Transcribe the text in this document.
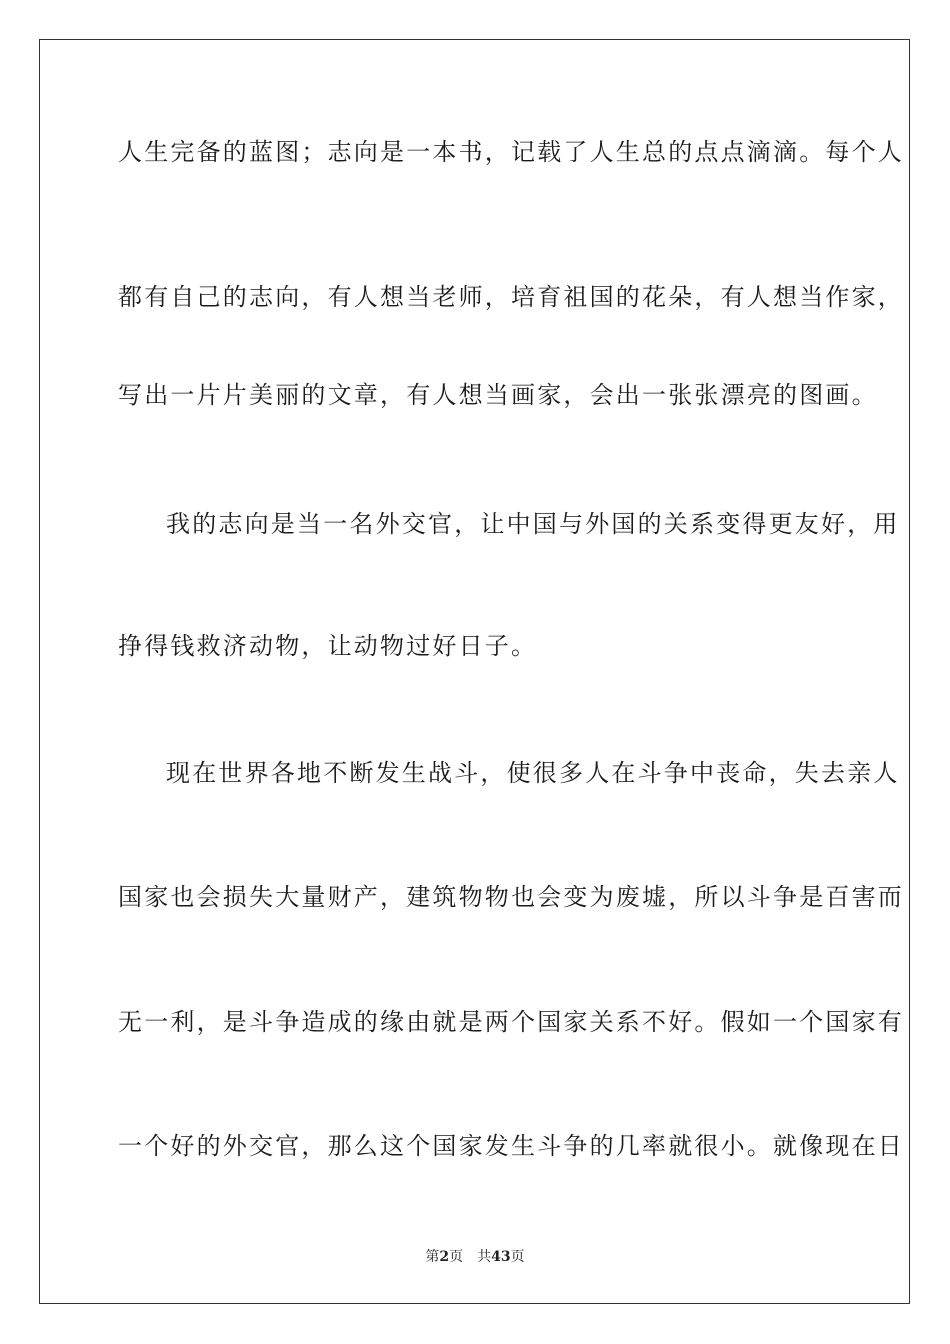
人生完备的蓝图；志向是一本书，记载了人生总的点点滴滴。每个人
都有自己的志向，有人想当老师，培育祖国的花朵，有人想当作家，
写出一片片美丽的文章，有人想当画家，会出一张张漂亮的图画。
我的志向是当一名外交官，让中国与外国的关系变得更友好，用
挣得钱救济动物，让动物过好日子。
现在世界各地不断发生战斗，使很多人在斗争中丧命，失去亲人
国家也会损失大量财产，建筑物物也会变为废墟，所以斗争是百害而
无一利，是斗争造成的缘由就是两个国家关系不好。假如一个国家有
一个好的外交官，那么这个国家发生斗争的几率就很小。就像现在日
第2页 共43页
